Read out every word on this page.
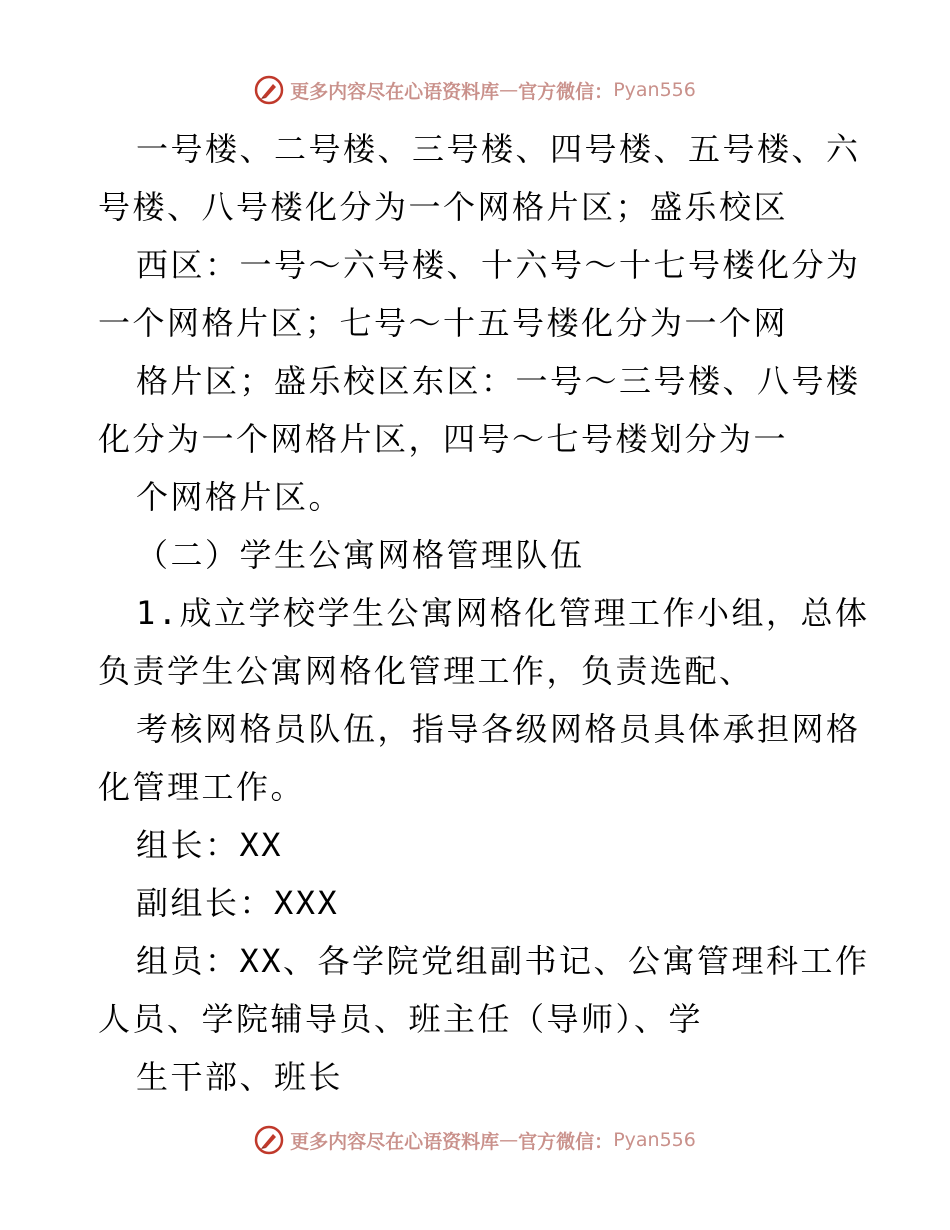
更多内容尽在心语资料库 — 官方微信： Pyan556
一号楼、二号楼、三号楼、四号楼、五号楼、六
号楼、八号楼化分为一个网格片区；盛乐校区
西区：一号～六号楼、十六号～十七号楼化分为
一个网格片区；七号～十五号楼化分为一个网
格片区；盛乐校区东区：一号～三号楼、八号楼
化分为一个网格片区，四号～七号楼划分为一
个网格片区。
（二）学生公寓网格管理队伍
1.成立学校学生公寓网格化管理工作小组，总体
负责学生公寓网格化管理工作，负责选配、
考核网格员队伍，指导各级网格员具体承担网格
化管理工作。
组长：XX
副组长：XXX
组员：XX、各学院党组副书记、公寓管理科工作
人员、学院辅导员、班主任（导师）、学
生干部、班长
更多内容尽在心语资料库 — 官方微信： Pyan556
